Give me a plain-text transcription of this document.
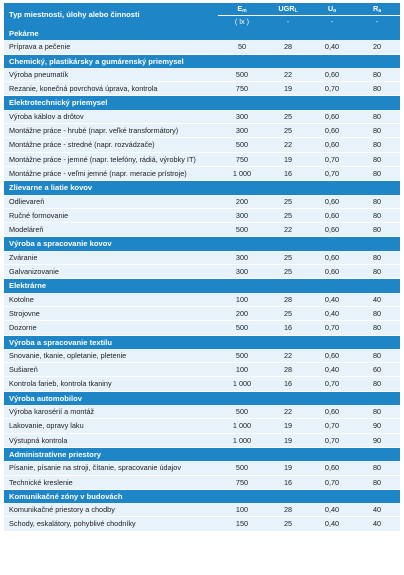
Typ miestnosti, úlohy alebo činnosti	$E_m$	$UGR_L$	$U_o$	$R_a$
	( lx )	-	-	-
Pekárne				
Príprava a pečenie	50	28	0,40	20
Chemický, plastikársky a gumárenský priemysel				
Výroba pneumatík	500	22	0,60	80
Rezanie, konečná povrchová úprava, kontrola	750	19	0,70	80
Elektrotechnický priemysel				
Výroba káblov a drôtov	300	25	0,60	80
Montážne práce - hrubé (napr. veľké transformátory)	300	25	0,60	80
Montážne práce - stredné (napr. rozvádzače)	500	22	0,60	80
Montážne práce - jemné (napr. telefóny, rádiá, výrobky IT)	750	19	0,70	80
Montážne práce - veľmi jemné (napr. meracie prístroje)	1 000	16	0,70	80
Zlievarne a liatie kovov				
Odlievareň	200	25	0,60	80
Ručné formovanie	300	25	0,60	80
Modeláreň	500	22	0,60	80
Výroba a spracovanie kovov				
Zváranie	300	25	0,60	80
Galvanizovanie	300	25	0,60	80
Elektrárne				
Kotolne	100	28	0,40	40
Strojovne	200	25	0,40	80
Dozorne	500	16	0,70	80
Výroba a spracovanie textilu				
Snovanie, tkanie, opletanie, pletenie	500	22	0,60	80
Sušiareň	100	28	0,40	60
Kontrola farieb, kontrola tkaniny	1 000	16	0,70	80
Výroba automobilov				
Výroba karosérií a montáž	500	22	0,60	80
Lakovanie, opravy laku	1 000	19	0,70	90
Výstupná kontrola	1 000	19	0,70	90
Administratívne priestory				
Písanie, písanie na stroji, čítanie, spracovanie údajov	500	19	0,60	80
Technické kreslenie	750	16	0,70	80
Komunikačné zóny v budovách				
Komunikačné priestory a chodby	100	28	0,40	40
Schody, eskalátory, pohyblivé chodníky	150	25	0,40	40
